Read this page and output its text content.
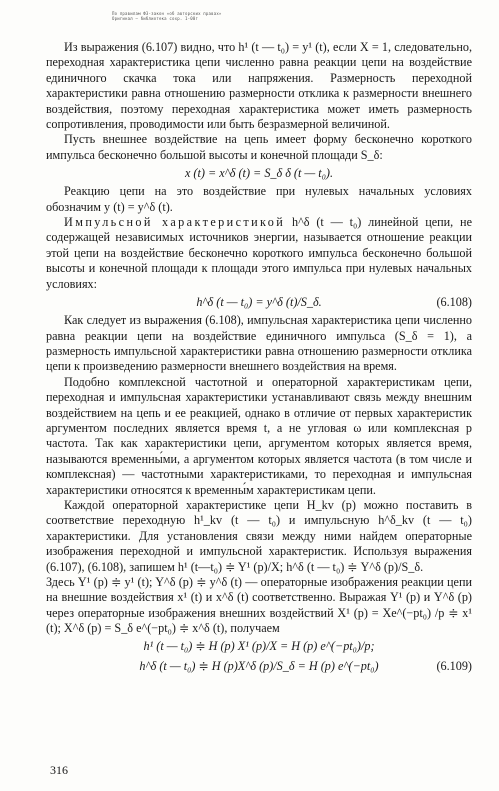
По правилам ФЗ-закон «об авторских правах»
Оригинал — библиотека сохр. 1-00г

Из выражения (6.107) видно, что h¹ (t — t₀) = y¹ (t), если X = 1, следовательно, переходная характеристика цепи численно равна реакции цепи на воздействие единичного скачка тока или напряжения. Размерность переходной характеристики равна отношению размерности отклика к размерности внешнего воздействия, поэтому переходная характеристика может иметь размерность сопротивления, проводимости или быть безразмерной величиной.

Пусть внешнее воздействие на цепь имеет форму бесконечно короткого импульса бесконечно большой высоты и конечной площади S_δ:

x (t) = x^δ (t) = S_δ δ (t — t₀).

Реакцию цепи на это воздействие при нулевых начальных условиях обозначим y (t) = y^δ (t).

Импульсной характеристикой h^δ (t — t₀) линейной цепи, не содержащей независимых источников энергии, называется отношение реакции этой цепи на воздействие бесконечно короткого импульса бесконечно большой высоты и конечной площади к площади этого импульса при нулевых начальных условиях:

h^δ (t — t₀) = y^δ (t)/S_δ.	(6.108)

Как следует из выражения (6.108), импульсная характеристика цепи численно равна реакции цепи на воздействие единичного импульса (S_δ = 1), а размерность импульсной характеристики равна отношению размерности отклика цепи к произведению размерности внешнего воздействия на время.

Подобно комплексной частотной и операторной характеристикам цепи, переходная и импульсная характеристики устанавливают связь между внешним воздействием на цепь и ее реакцией, однако в отличие от первых характеристик аргументом последних является время t, а не угловая ω или комплексная p частота. Так как характеристики цепи, аргументом которых является время, называются временны́ми, а аргументом которых является частота (в том числе и комплексная) — частотными характеристиками, то переходная и импульсная характеристики относятся к временны́м характеристикам цепи.

Каждой операторной характеристике цепи H_kv (p) можно поставить в соответствие переходную h¹_kv (t — t₀) и импульсную h^δ_kv (t — t₀) характеристики. Для установления связи между ними найдем операторные изображения переходной и импульсной характеристик. Используя выражения (6.107), (6.108), запишем h¹ (t—t₀) ≑ Y¹ (p)/X; h^δ (t — t₀) ≑ Y^δ (p)/S_δ.

Здесь Y¹ (p) ≑ y¹ (t); Y^δ (p) ≑ y^δ (t) — операторные изображения реакции цепи на внешние воздействия x¹ (t) и x^δ (t) соответственно. Выражая Y¹ (p) и Y^δ (p) через операторные изображения внешних воздействий X¹ (p) = Xe^(−pt₀) /p ≑ x¹ (t); X^δ (p) = S_δ e^(−pt₀) ≑ x^δ (t), получаем

h¹ (t — t₀) ≑ H (p) X¹ (p)/X = H (p) e^(−pt₀)/p;
h^δ (t — t₀) ≑ H (p)X^δ (p)/S_δ = H (p) e^(−pt₀)	(6.109)
316
